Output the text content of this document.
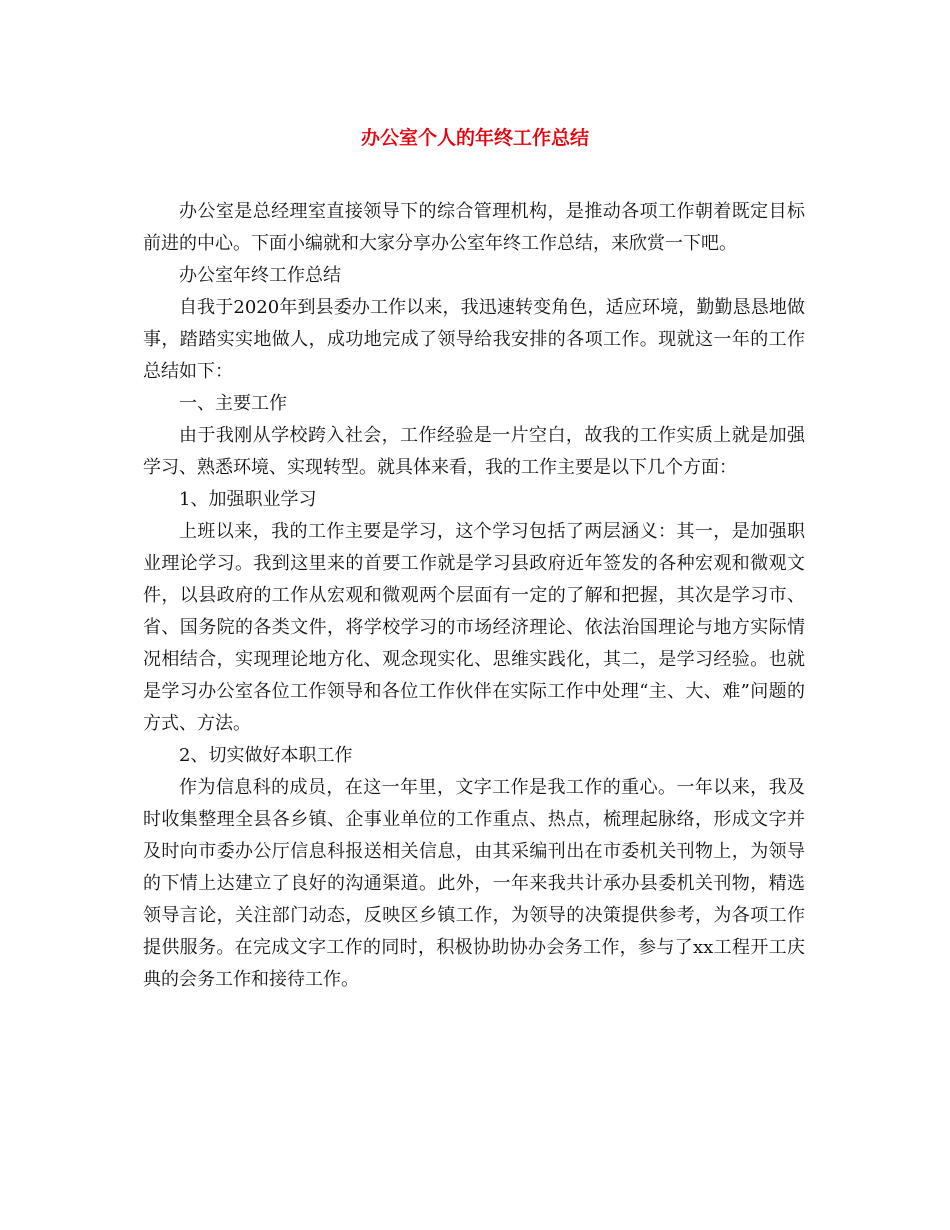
办公室个人的年终工作总结

办公室是总经理室直接领导下的综合管理机构，是推动各项工作朝着既定目标前进的中心。下面小编就和大家分享办公室年终工作总结，来欣赏一下吧。

办公室年终工作总结

自我于2020年到县委办工作以来，我迅速转变角色，适应环境，勤勤恳恳地做事，踏踏实实地做人，成功地完成了领导给我安排的各项工作。现就这一年的工作总结如下：

一、主要工作

由于我刚从学校跨入社会，工作经验是一片空白，故我的工作实质上就是加强学习、熟悉环境、实现转型。就具体来看，我的工作主要是以下几个方面：

1、加强职业学习

上班以来，我的工作主要是学习，这个学习包括了两层涵义：其一，是加强职业理论学习。我到这里来的首要工作就是学习县政府近年签发的各种宏观和微观文件，以县政府的工作从宏观和微观两个层面有一定的了解和把握，其次是学习市、省、国务院的各类文件，将学校学习的市场经济理论、依法治国理论与地方实际情况相结合，实现理论地方化、观念现实化、思维实践化，其二，是学习经验。也就是学习办公室各位工作领导和各位工作伙伴在实际工作中处理“主、大、难”问题的方式、方法。

2、切实做好本职工作

作为信息科的成员，在这一年里，文字工作是我工作的重心。一年以来，我及时收集整理全县各乡镇、企事业单位的工作重点、热点，梳理起脉络，形成文字并及时向市委办公厅信息科报送相关信息，由其采编刊出在市委机关刊物上，为领导的下情上达建立了良好的沟通渠道。此外，一年来我共计承办县委机关刊物，精选领导言论，关注部门动态，反映区乡镇工作，为领导的决策提供参考，为各项工作提供服务。在完成文字工作的同时，积极协助协办会务工作，参与了xx工程开工庆典的会务工作和接待工作。
